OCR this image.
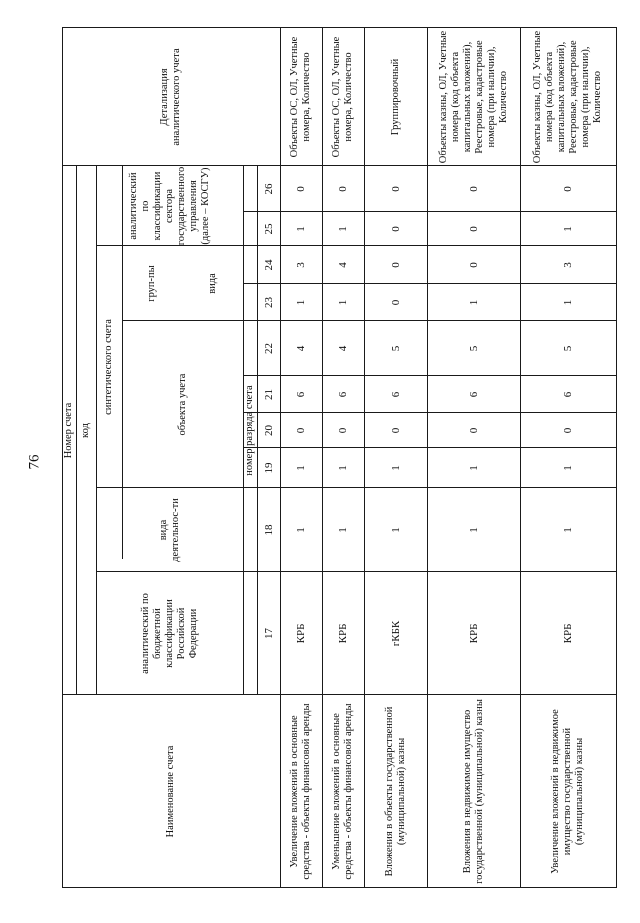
76
Наименование счета
Номер счета код
аналитический по бюджетной классификации Российской Федерации
вида деятельнос-ти
синтетического счета	объекта учета
груп-пы	вида
аналитический по классификации сектора государственного управления (далее – КОСГУ)
номер разряда счета
Детализация аналитического учета
17
18
19
20
21
22
23
24
25
26
Увеличение вложений в основные средства - объекты финансовой аренды
КРБ
1
1
0
6
4
1
3
1
0
Объекты ОС, ОЛ, Учетные номера, Количество
Уменьшение вложений в основные средства - объекты финансовой аренды
КРБ
1
1
0
6
4
1
4
1
0
Объекты ОС, ОЛ, Учетные номера, Количество
Вложения в объекты государственной (муниципальной) казны
гКБК
1
1
0
6
5
0
0
0
0
Группировочный
Вложения в недвижимое имущество государственной (муниципальной) казны
КРБ
1
1
0
6
5
1
0
0
0
Объекты казны, ОЛ, Учетные номера (код объекта капитальных вложений), Реестровые, кадастровые номера (при наличии), Количество
Увеличение вложений в недвижимое имущество государственной (муниципальной) казны
КРБ
1
1
0
6
5
1
3
1
0
Объекты казны, ОЛ, Учетные номера (код объекта капитальных вложений), Реестровые, кадастровые номера (при наличии), Количество
